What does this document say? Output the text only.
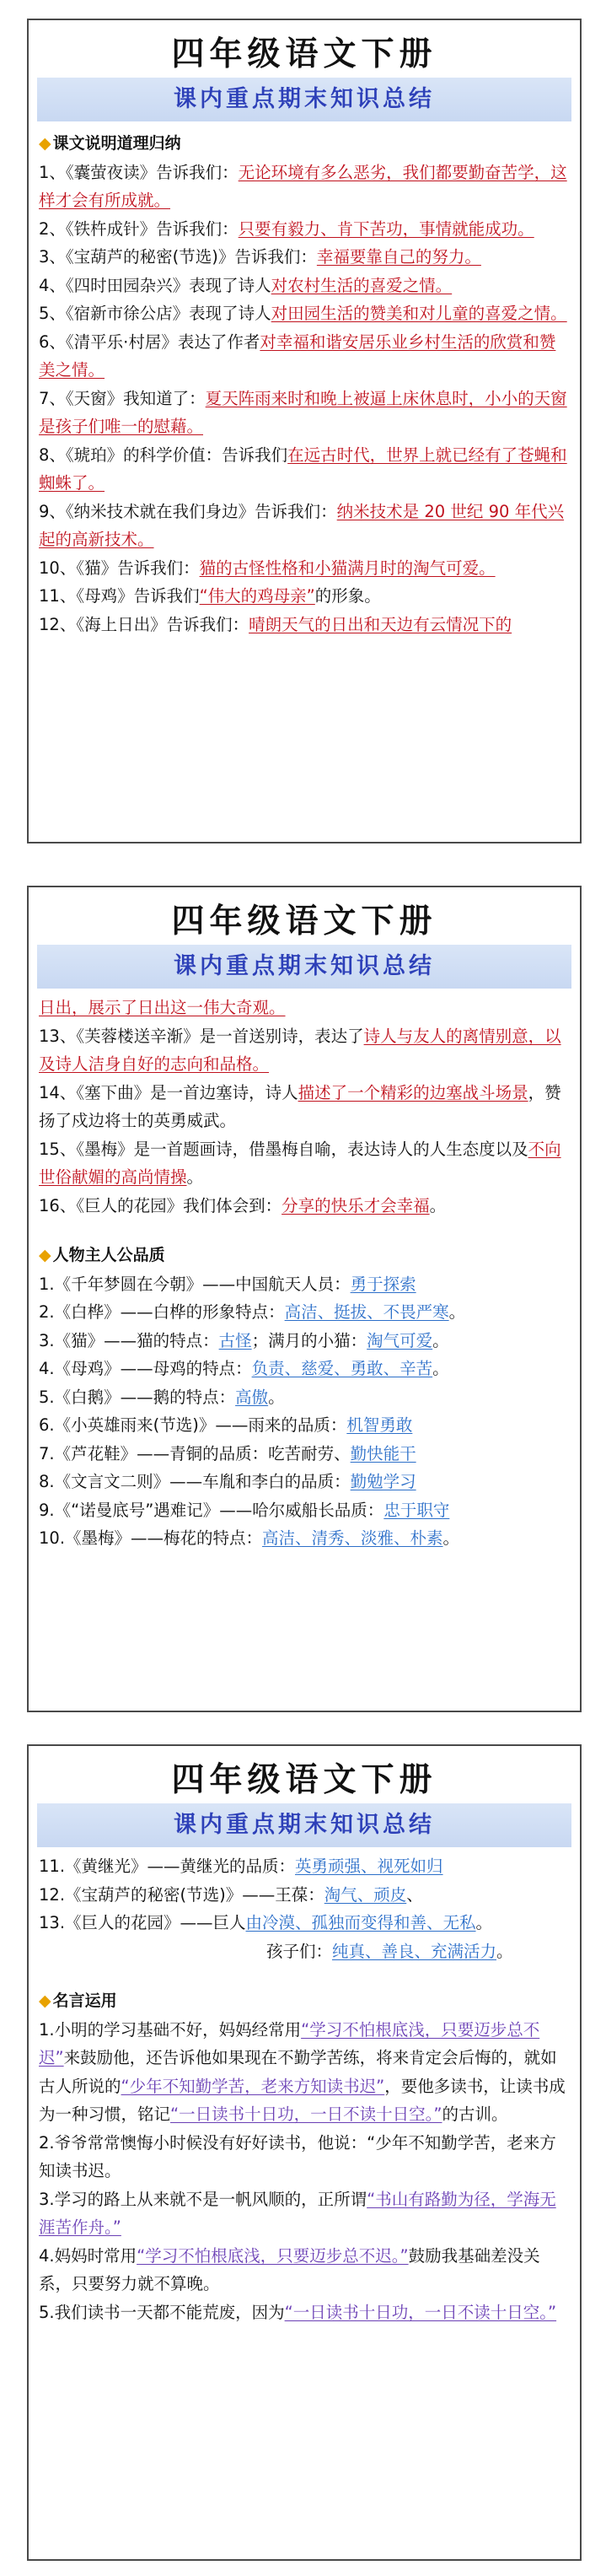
四年级语文下册
课内重点期末知识总结
◆ 课文说明道理归纳
1、《囊萤夜读》告诉我们：无论环境有多么恶劣，我们都要勤奋苦学，这样才会有所成就。
2、《铁杵成针》告诉我们：只要有毅力、肯下苦功，事情就能成功。
3、《宝葫芦的秘密(节选)》告诉我们：幸福要靠自己的努力。
4、《四时田园杂兴》表现了诗人对农村生活的喜爱之情。
5、《宿新市徐公店》表现了诗人对田园生活的赞美和对儿童的喜爱之情。
6、《清平乐·村居》表达了作者对幸福和谐安居乐业乡村生活的欣赏和赞美之情。
7、《天窗》我知道了：夏天阵雨来时和晚上被逼上床休息时，小小的天窗是孩子们唯一的慰藉。
8、《琥珀》的科学价值：告诉我们在远古时代，世界上就已经有了苍蝇和蜘蛛了。
9、《纳米技术就在我们身边》告诉我们：纳米技术是 20 世纪 90 年代兴起的高新技术。
10、《猫》告诉我们：猫的古怪性格和小猫满月时的淘气可爱。
11、《母鸡》告诉我们“伟大的鸡母亲”的形象。
12、《海上日出》告诉我们：晴朗天气的日出和天边有云情况下的
四年级语文下册
课内重点期末知识总结
日出，展示了日出这一伟大奇观。
13、《芙蓉楼送辛渐》是一首送别诗，表达了诗人与友人的离情别意，以及诗人洁身自好的志向和品格。
14、《塞下曲》是一首边塞诗，诗人描述了一个精彩的边塞战斗场景，赞扬了戍边将士的英勇威武。
15、《墨梅》是一首题画诗，借墨梅自喻，表达诗人的人生态度以及不向世俗献媚的高尚情操。
16、《巨人的花园》我们体会到：分享的快乐才会幸福。
◆ 人物主人公品质
1.《千年梦圆在今朝》——中国航天人员：勇于探索
2.《白桦》——白桦的形象特点：高洁、挺拔、不畏严寒。
3.《猫》——猫的特点：古怪；满月的小猫：淘气可爱。
4.《母鸡》——母鸡的特点：负责、慈爱、勇敢、辛苦。
5.《白鹅》——鹅的特点：高傲。
6.《小英雄雨来(节选)》——雨来的品质：机智勇敢
7.《芦花鞋》——青铜的品质：吃苦耐劳、勤快能干
8.《文言文二则》——车胤和李白的品质：勤勉学习
9.《“诺曼底号”遇难记》——哈尔威船长品质：忠于职守
10.《墨梅》——梅花的特点：高洁、清秀、淡雅、朴素。
四年级语文下册
课内重点期末知识总结
11.《黄继光》——黄继光的品质：英勇顽强、视死如归
12.《宝葫芦的秘密(节选)》——王葆：淘气、顽皮、
13.《巨人的花园》——巨人由冷漠、孤独而变得和善、无私。
孩子们：纯真、善良、充满活力。
◆ 名言运用
1.小明的学习基础不好，妈妈经常用“学习不怕根底浅，只要迈步总不迟”来鼓励他，还告诉他如果现在不勤学苦练，将来肯定会后悔的，就如古人所说的“少年不知勤学苦，老来方知读书迟”，要他多读书，让读书成为一种习惯，铭记“一日读书十日功，一日不读十日空。”的古训。
2.爷爷常常懊悔小时候没有好好读书，他说：“少年不知勤学苦，老来方知读书迟。
3.学习的路上从来就不是一帆风顺的，正所谓“书山有路勤为径，学海无涯苦作舟。”
4.妈妈时常用“学习不怕根底浅，只要迈步总不迟。”鼓励我基础差没关系，只要努力就不算晚。
5.我们读书一天都不能荒废，因为“一日读书十日功，一日不读十日空。”
